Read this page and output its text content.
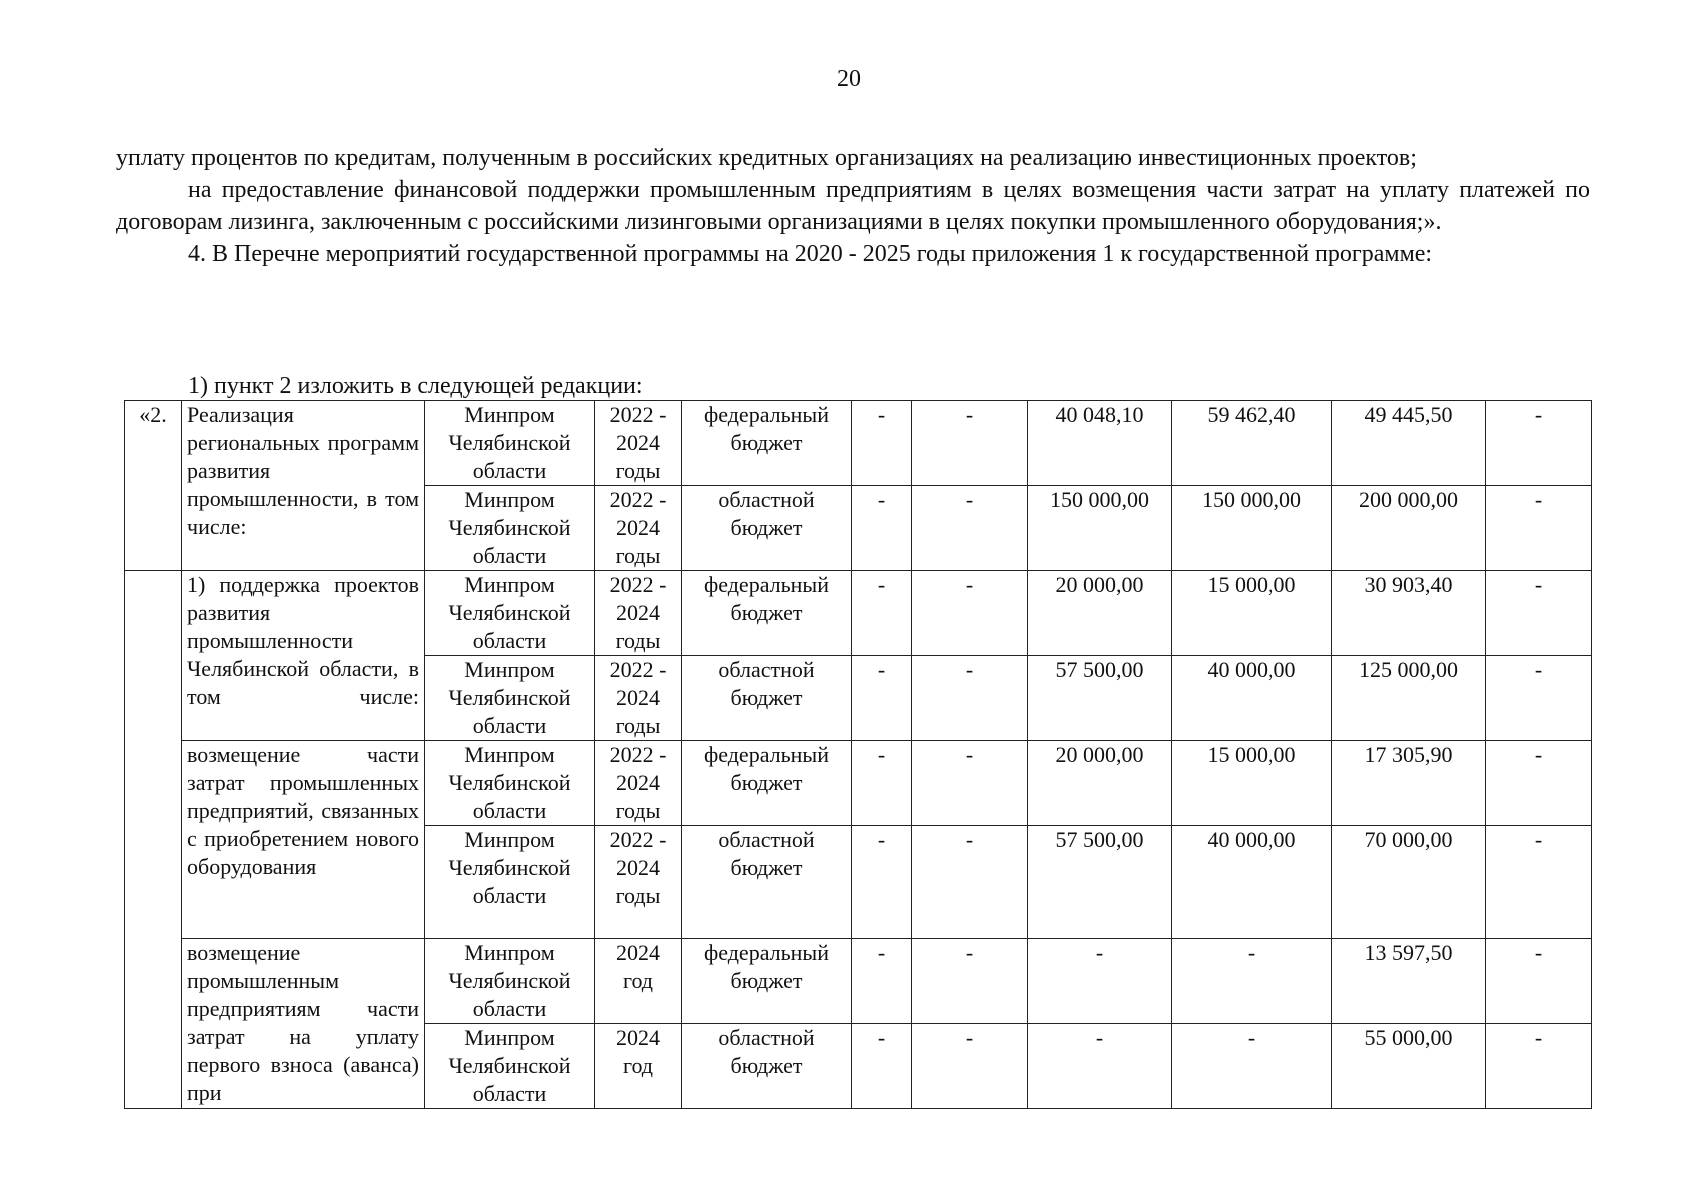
20

уплату процентов по кредитам, полученным в российских кредитных организациях на реализацию инвестиционных проектов;

на предоставление финансовой поддержки промышленным предприятиям в целях возмещения части затрат на уплату платежей по договорам лизинга, заключенным с российскими лизинговыми организациями в целях покупки промышленного оборудования;».

4. В Перечне мероприятий государственной программы на 2020 - 2025 годы приложения 1 к государственной программе:

1) пункт 2 изложить в следующей редакции:
«2.	Реализация региональных программ развития промышленности, в том числе:	Минпром Челябинской области	2022 - 2024 годы	федеральный бюджет	-	-	40 048,10	59 462,40	49 445,50	-
		Минпром Челябинской области	2022 - 2024 годы	областной бюджет	-	-	150 000,00	150 000,00	200 000,00	-
	1) поддержка проектов развития промышленности Челябинской области, в том числе:	Минпром Челябинской области	2022 - 2024 годы	федеральный бюджет	-	-	20 000,00	15 000,00	30 903,40	-
		Минпром Челябинской области	2022 - 2024 годы	областной бюджет	-	-	57 500,00	40 000,00	125 000,00	-
	возмещение части затрат промышленных предприятий, связанных с приобретением нового оборудования	Минпром Челябинской области	2022 - 2024 годы	федеральный бюджет	-	-	20 000,00	15 000,00	17 305,90	-
		Минпром Челябинской области	2022 - 2024 годы	областной бюджет	-	-	57 500,00	40 000,00	70 000,00	-
	возмещение промышленным предприятиям части затрат на уплату первого взноса (аванса) при	Минпром Челябинской области	2024 год	федеральный бюджет	-	-	-	-	13 597,50	-
		Минпром Челябинской области	2024 год	областной бюджет	-	-	-	-	55 000,00	-
